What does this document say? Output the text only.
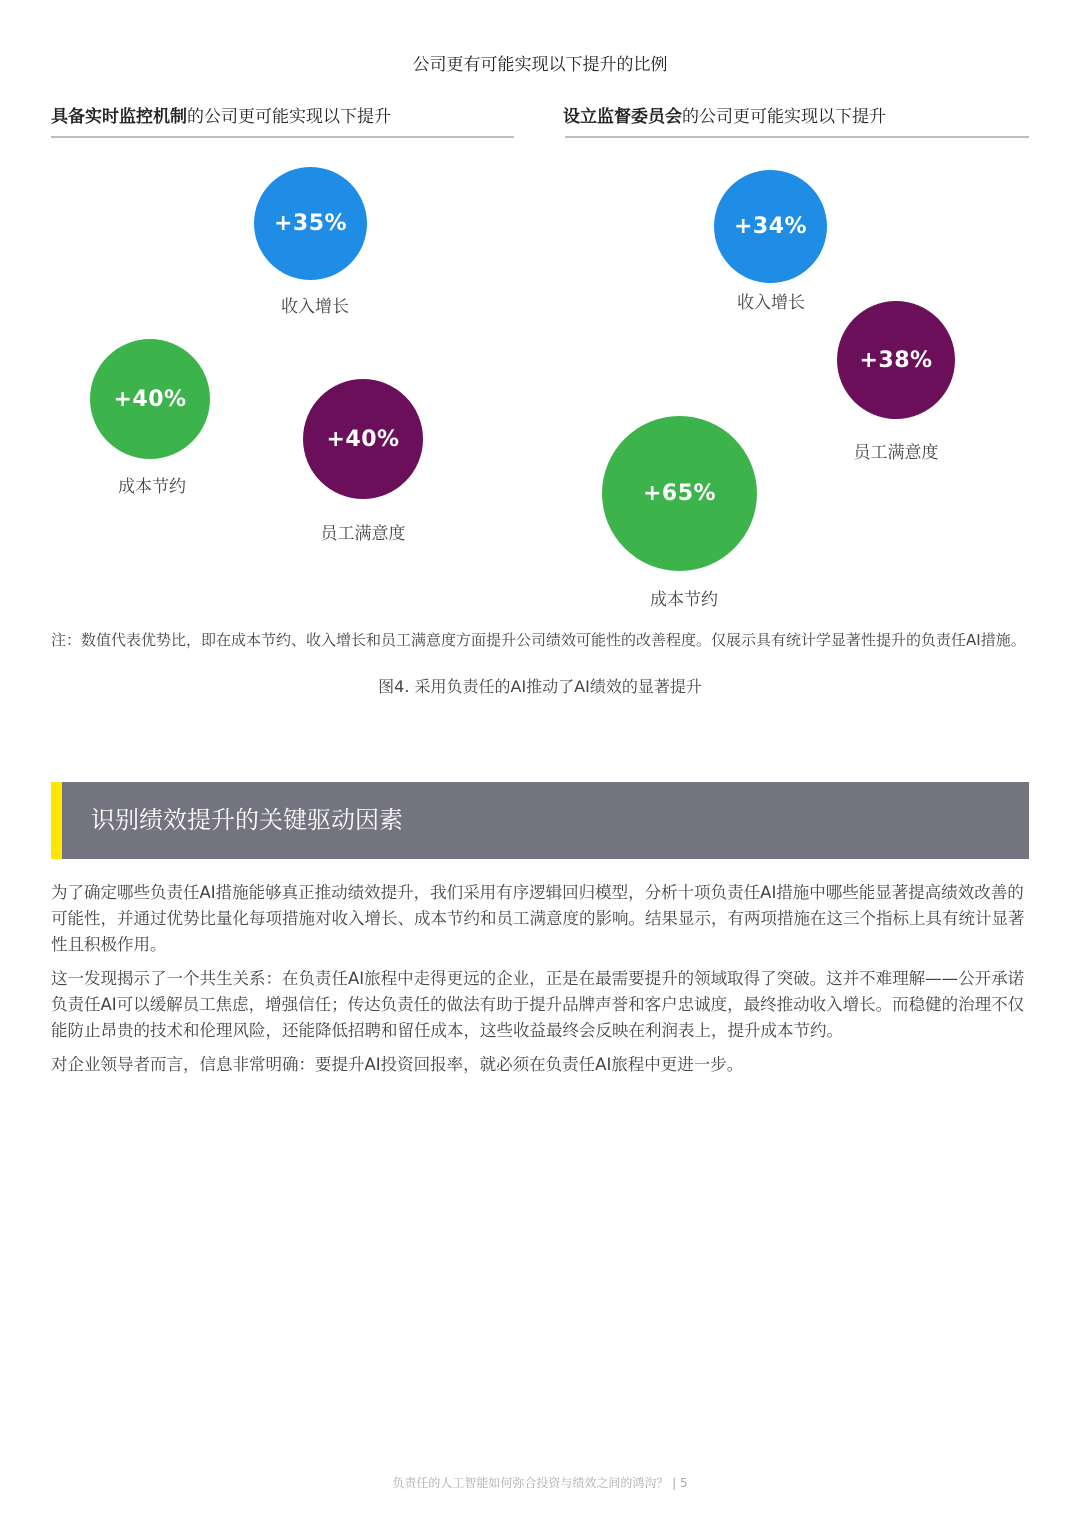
公司更有可能实现以下提升的比例
具备实时监控机制的公司更可能实现以下提升
+35%
收入增长
+40%
成本节约
+40%
员工满意度
设立监督委员会的公司更可能实现以下提升
+34%
收入增长
+38%
员工满意度
+65%
成本节约
注：数值代表优势比，即在成本节约、收入增长和员工满意度方面提升公司绩效可能性的改善程度。仅展示具有统计学显著性提升的负责任AI措施。
图4. 采用负责任的AI推动了AI绩效的显著提升
识别绩效提升的关键驱动因素

为了确定哪些负责任AI措施能够真正推动绩效提升，我们采用有序逻辑回归模型，分析十项负责任AI措施中哪些能显著提高绩效改善的可能性，并通过优势比量化每项措施对收入增长、成本节约和员工满意度的影响。结果显示，有两项措施在这三个指标上具有统计显著性且积极作用。

这一发现揭示了一个共生关系：在负责任AI旅程中走得更远的企业，正是在最需要提升的领域取得了突破。这并不难理解——公开承诺负责任AI可以缓解员工焦虑，增强信任；传达负责任的做法有助于提升品牌声誉和客户忠诚度，最终推动收入增长。而稳健的治理不仅能防止昂贵的技术和伦理风险，还能降低招聘和留任成本，这些收益最终会反映在利润表上，提升成本节约。

对企业领导者而言，信息非常明确：要提升AI投资回报率，就必须在负责任AI旅程中更进一步。

负责任的人工智能如何弥合投资与绩效之间的鸿沟？ | 5
